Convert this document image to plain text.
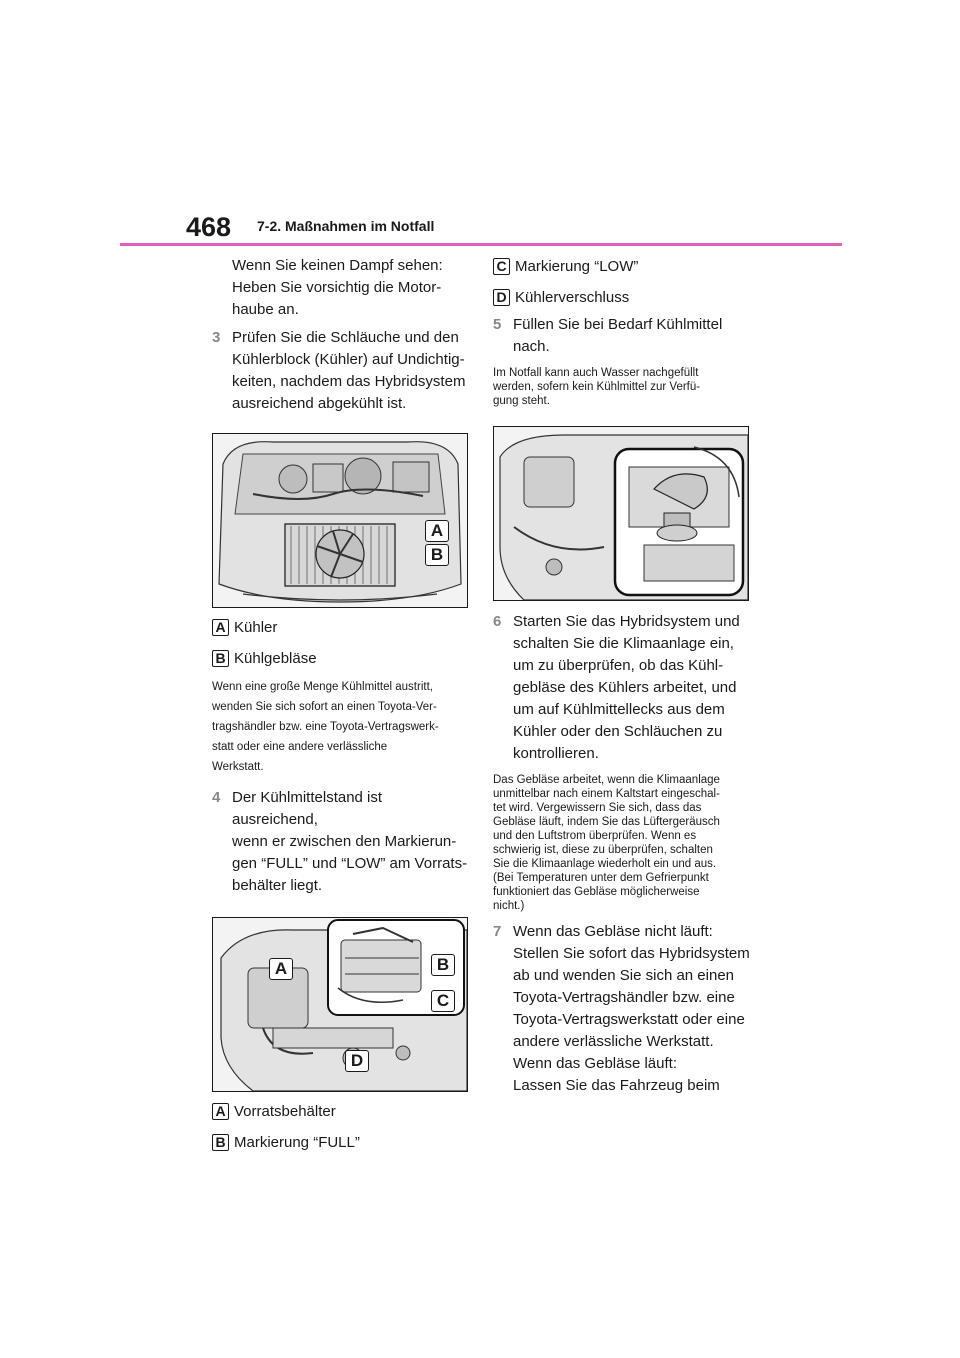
468 7-2. Maßnahmen im Notfall
Wenn Sie keinen Dampf sehen:
Heben Sie vorsichtig die Motor-
haube an.
3 Prüfen Sie die Schläuche und den
Kühlerblock (Kühler) auf Undichtig-
keiten, nachdem das Hybridsystem
ausreichend abgekühlt ist.
A
B
A Kühler
B Kühlgebläse
Wenn eine große Menge Kühlmittel austritt,
wenden Sie sich sofort an einen Toyota-Ver-
tragshändler bzw. eine Toyota-Vertragswerk-
statt oder eine andere verlässliche
Werkstatt.
4 Der Kühlmittelstand ist ausreichend,
wenn er zwischen den Markierun-
gen “FULL” und “LOW” am Vorrats-
behälter liegt.
A	B
C
D
A Vorratsbehälter
B Markierung “FULL”
C Markierung “LOW”
D Kühlerverschluss
5 Füllen Sie bei Bedarf Kühlmittel
nach.
Im Notfall kann auch Wasser nachgefüllt
werden, sofern kein Kühlmittel zur Verfü-
gung steht.
6 Starten Sie das Hybridsystem und
schalten Sie die Klimaanlage ein,
um zu überprüfen, ob das Kühl-
gebläse des Kühlers arbeitet, und
um auf Kühlmittellecks aus dem
Kühler oder den Schläuchen zu
kontrollieren.
Das Gebläse arbeitet, wenn die Klimaanlage
unmittelbar nach einem Kaltstart eingeschal-
tet wird. Vergewissern Sie sich, dass das
Gebläse läuft, indem Sie das Lüftergeräusch
und den Luftstrom überprüfen. Wenn es
schwierig ist, diese zu überprüfen, schalten
Sie die Klimaanlage wiederholt ein und aus.
(Bei Temperaturen unter dem Gefrierpunkt
funktioniert das Gebläse möglicherweise
nicht.)
7 Wenn das Gebläse nicht läuft:
Stellen Sie sofort das Hybridsystem
ab und wenden Sie sich an einen
Toyota-Vertragshändler bzw. eine
Toyota-Vertragswerkstatt oder eine
andere verlässliche Werkstatt.
Wenn das Gebläse läuft:
Lassen Sie das Fahrzeug beim
